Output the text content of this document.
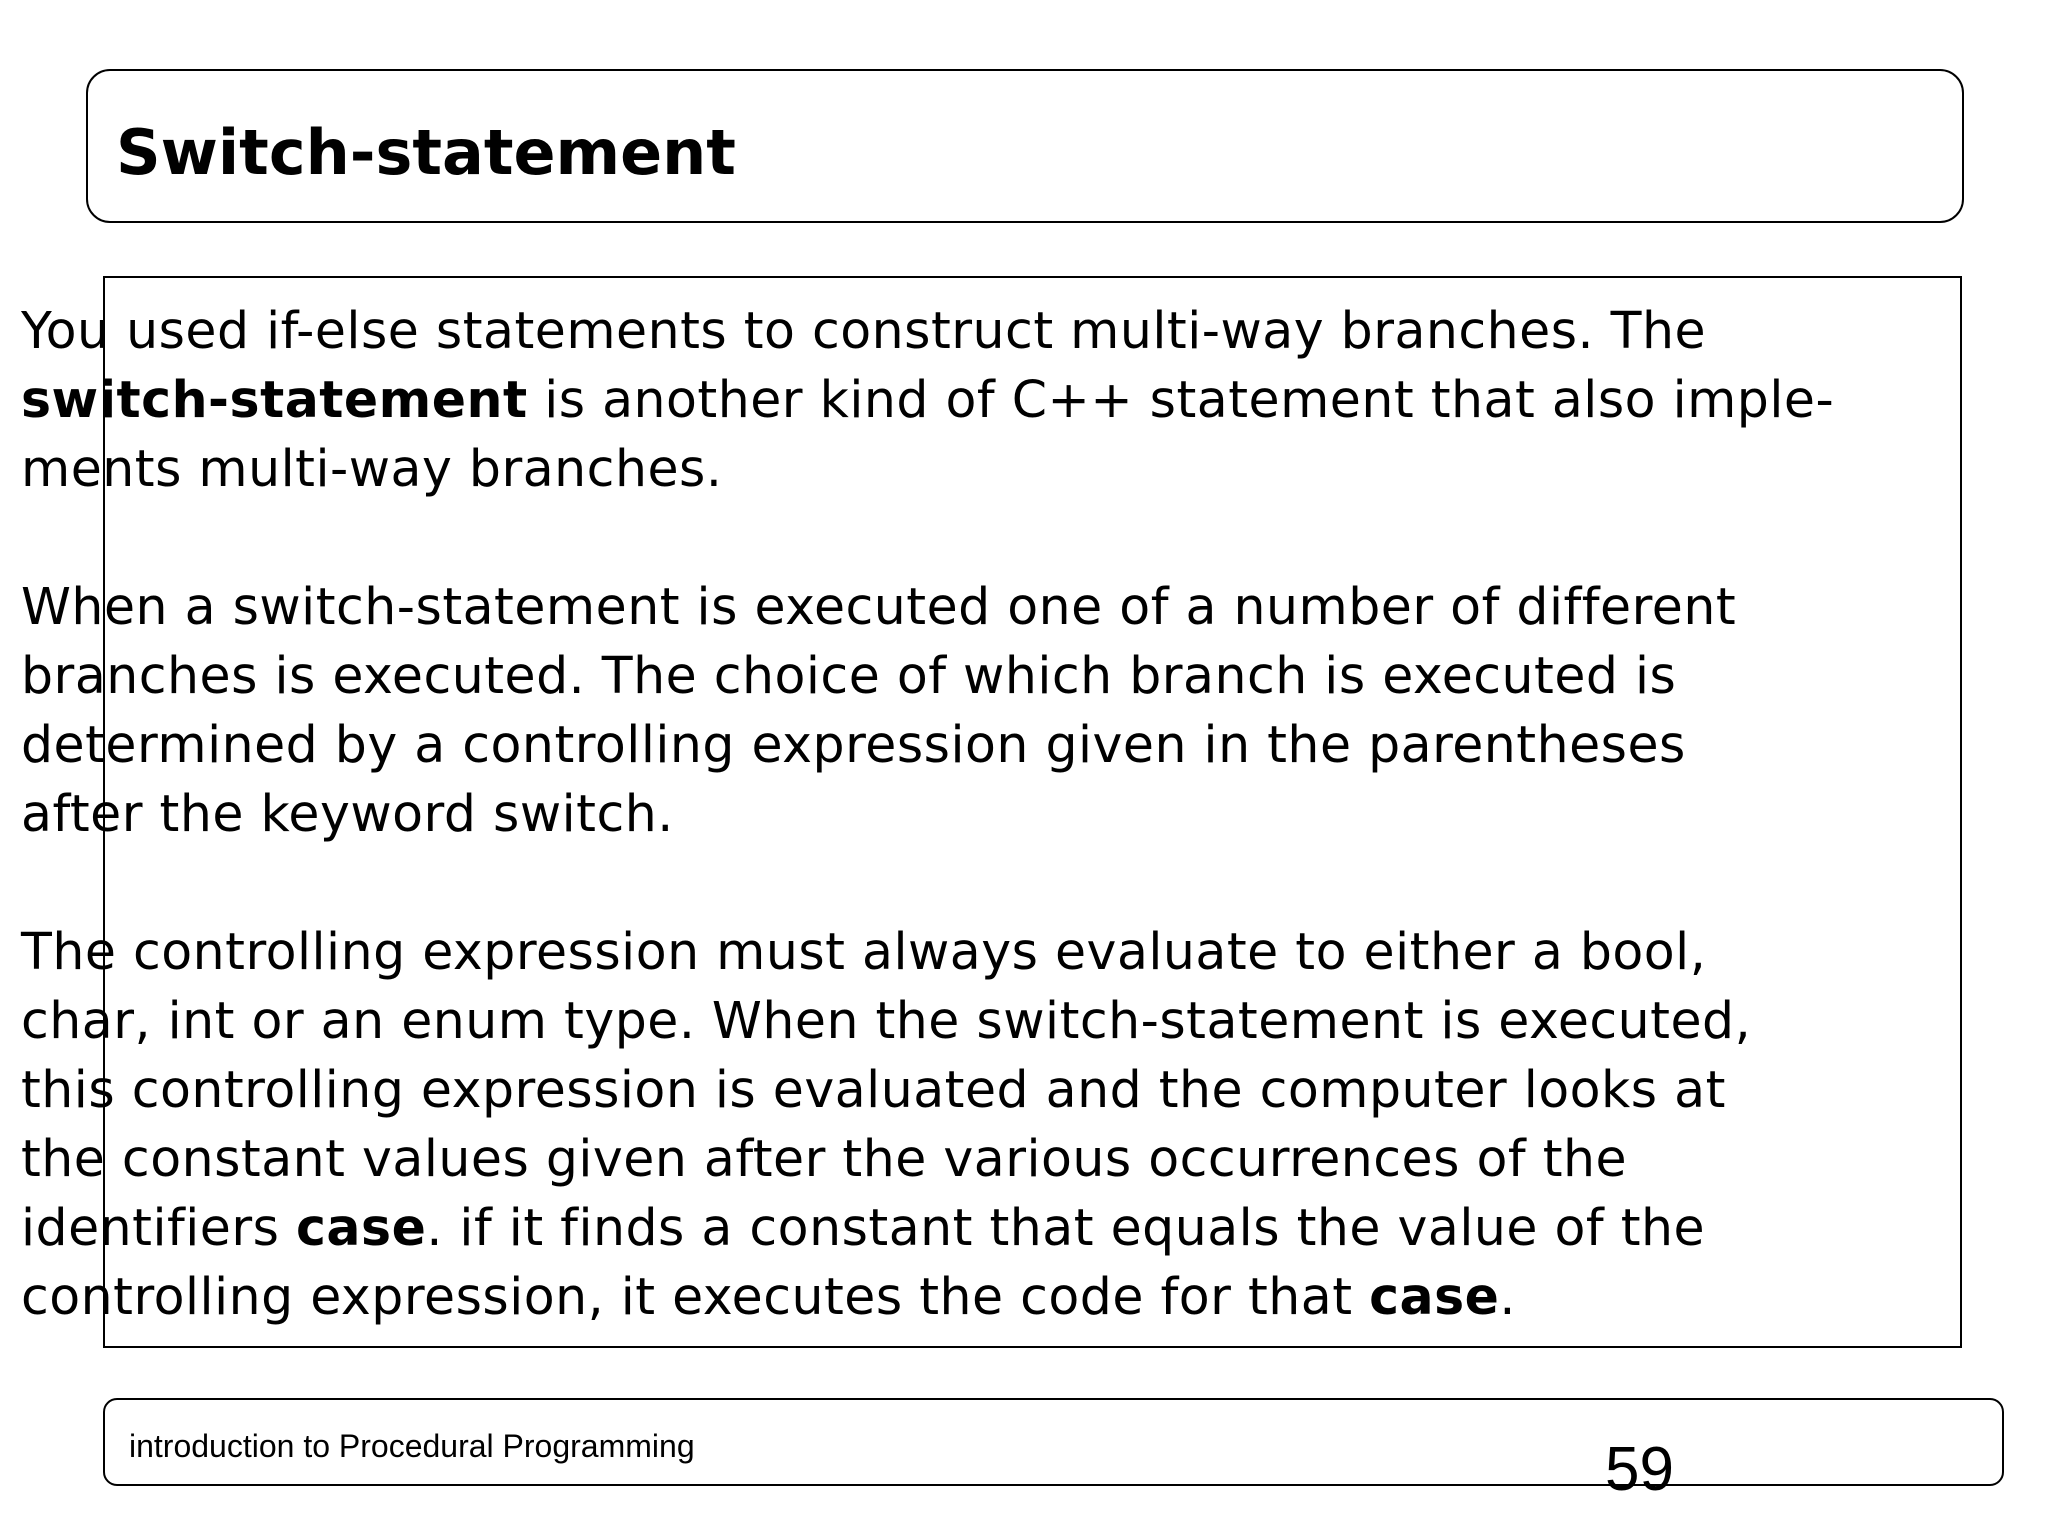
Switch-statement
You used if-else statements to construct multi-way branches. The
switch-statement is another kind of C++ statement that also imple-
ments multi-way branches.
When a switch-statement is executed one of a number of different
branches is executed. The choice of which branch is executed is
determined by a controlling expression given in the parentheses
after the keyword switch.
The controlling expression must always evaluate to either a bool,
char, int or an enum type. When the switch-statement is executed,
this controlling expression is evaluated and the computer looks at
the constant values given after the various occurrences of the
identifiers case. if it finds a constant that equals the value of the
controlling expression, it executes the code for that case.
introduction to Procedural Programming	59
